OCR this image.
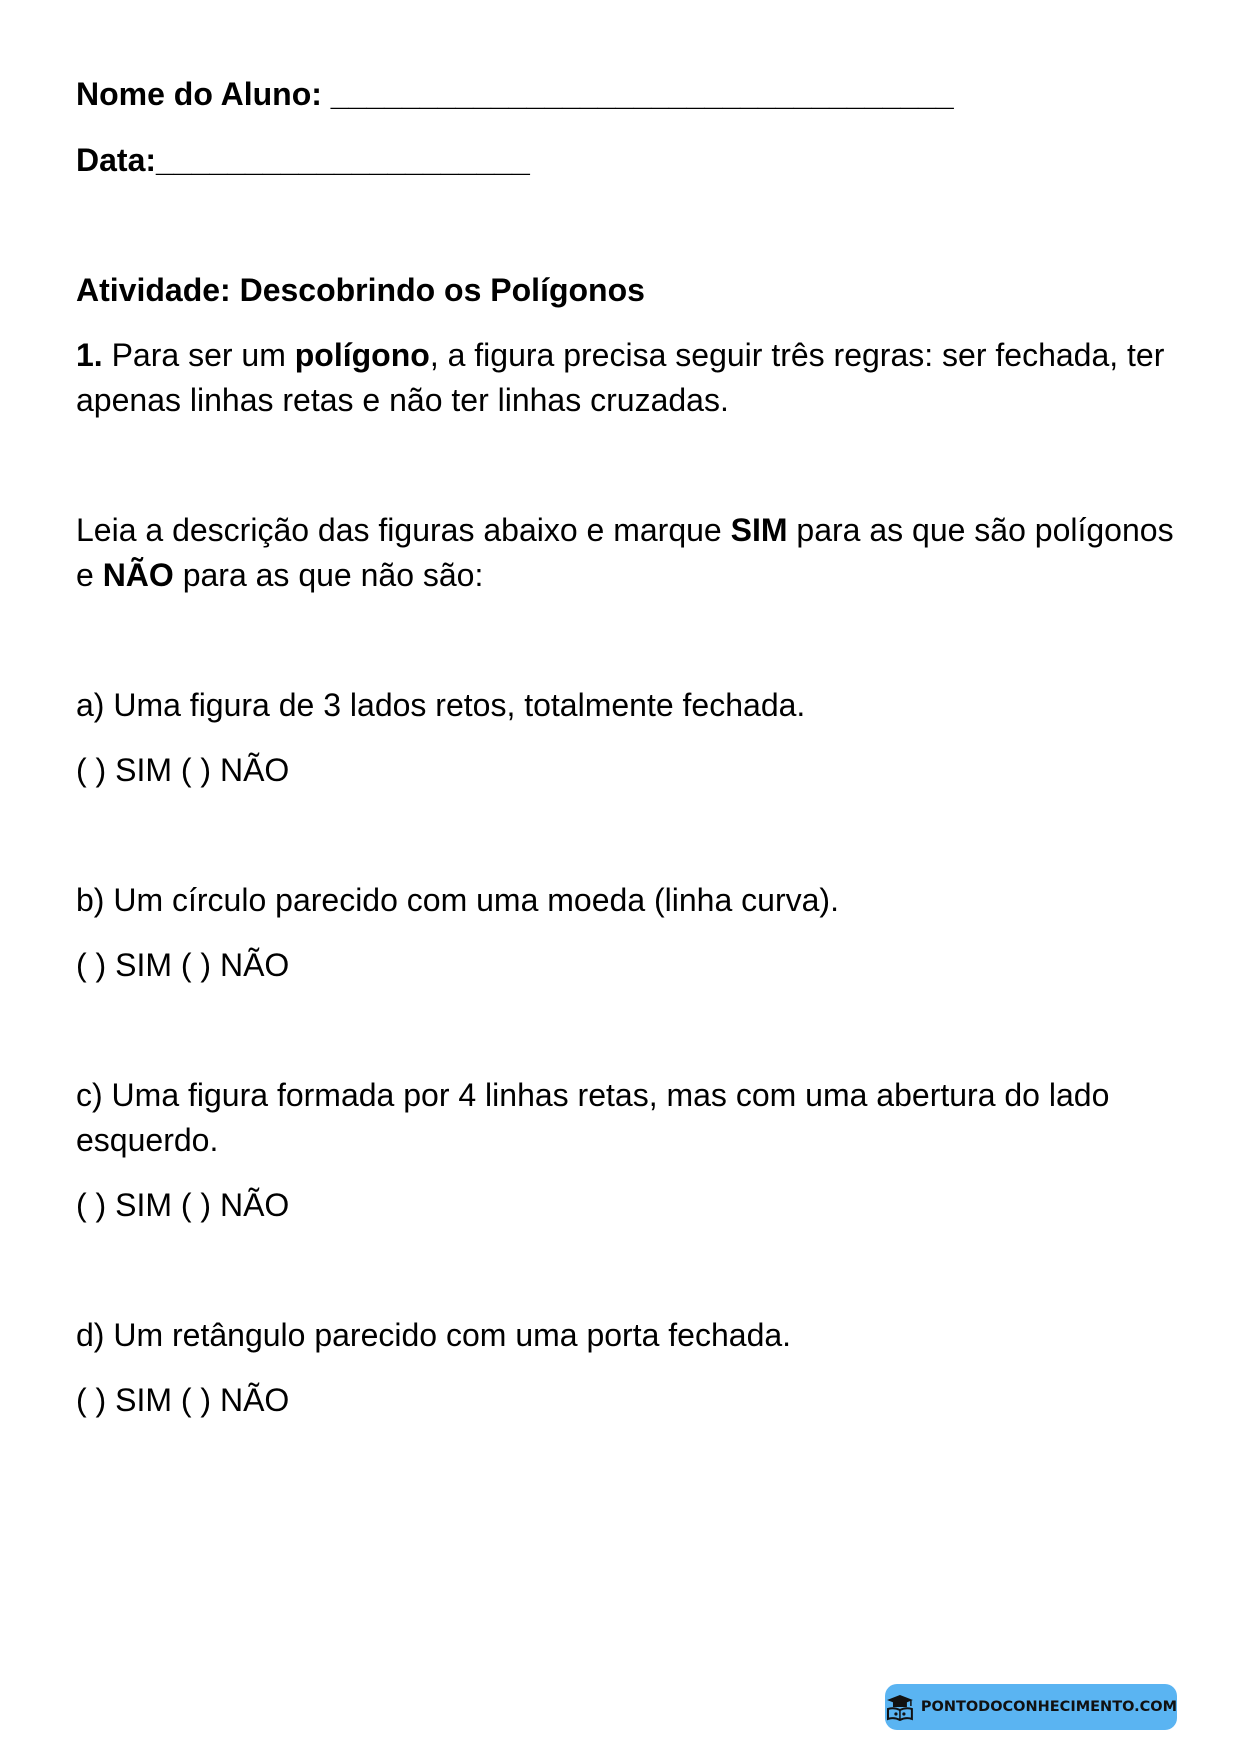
Nome do Aluno: ___________________________________
Data:_____________________
Atividade: Descobrindo os Polígonos
1. Para ser um polígono, a figura precisa seguir três regras: ser fechada, ter apenas linhas retas e não ter linhas cruzadas.
Leia a descrição das figuras abaixo e marque SIM para as que são polígonos e NÃO para as que não são:
a) Uma figura de 3 lados retos, totalmente fechada.
( ) SIM ( ) NÃO
b) Um círculo parecido com uma moeda (linha curva).
( ) SIM ( ) NÃO
c) Uma figura formada por 4 linhas retas, mas com uma abertura do lado esquerdo.
( ) SIM ( ) NÃO
d) Um retângulo parecido com uma porta fechada.
( ) SIM ( ) NÃO
PONTODOCONHECIMENTO.COM
